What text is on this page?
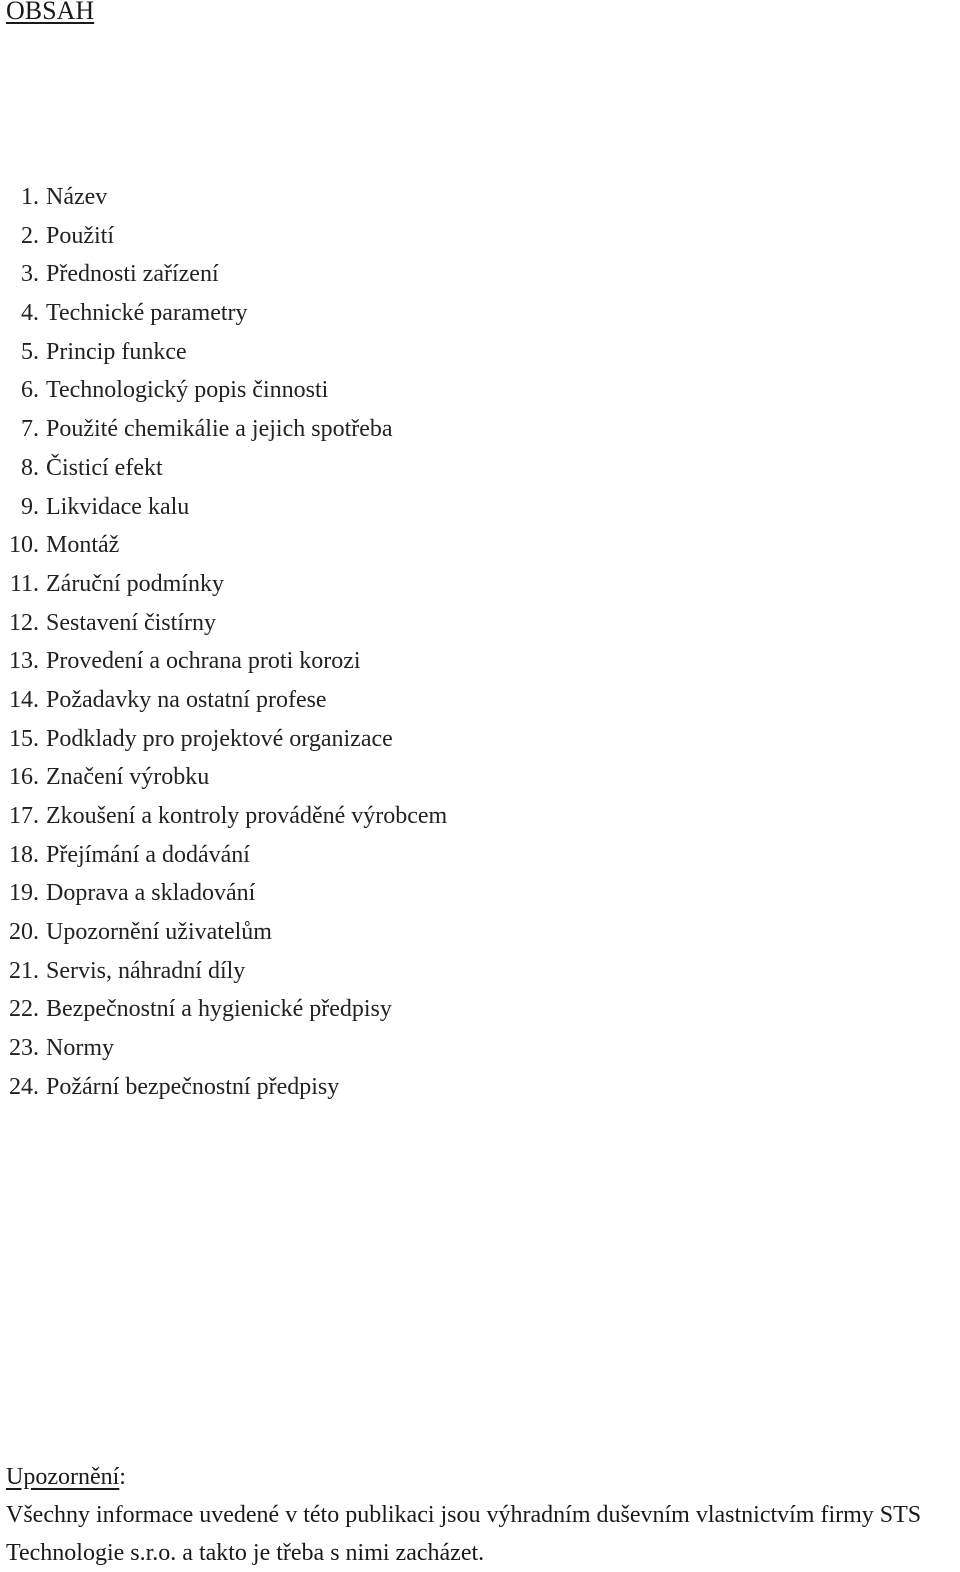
OBSAH
1. Název
2. Použití
3. Přednosti zařízení
4. Technické parametry
5. Princip funkce
6. Technologický popis činnosti
7. Použité chemikálie a jejich spotřeba
8. Čisticí efekt
9. Likvidace kalu
10. Montáž
11. Záruční podmínky
12. Sestavení čistírny
13. Provedení a ochrana proti korozi
14. Požadavky na ostatní profese
15. Podklady pro projektové organizace
16. Značení výrobku
17. Zkoušení a kontroly prováděné výrobcem
18. Přejímání a dodávání
19. Doprava a skladování
20. Upozornění uživatelům
21. Servis, náhradní díly
22. Bezpečnostní a hygienické předpisy
23. Normy
24. Požární bezpečnostní předpisy
Upozornění:

Všechny informace uvedené v této publikaci jsou výhradním duševním vlastnictvím firmy STS Technologie s.r.o. a takto je třeba s nimi zacházet.
